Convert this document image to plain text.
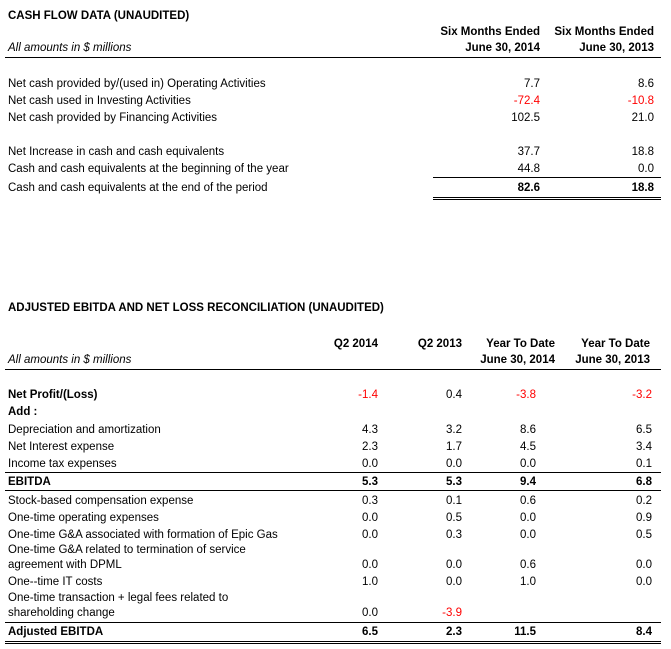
CASH FLOW DATA (UNAUDITED)
Six Months Ended
June 30, 2014
Six Months Ended
June 30, 2013
All amounts in $ millions
Net cash provided by/(used in) Operating Activities	7.7	8.6
Net cash used in Investing Activities	-72.4	-10.8
Net cash provided by Financing Activities	102.5	21.0
Net Increase in cash and cash equivalents	37.7	18.8
Cash and cash equivalents at the beginning of the year	44.8	0.0
Cash and cash equivalents at the end of the period	82.6	18.8
ADJUSTED EBITDA AND NET LOSS RECONCILIATION (UNAUDITED)
Q2 2014	Q2 2013	Year To Date
June 30, 2014
Year To Date
June 30, 2013
All amounts in $ millions
Net Profit/(Loss)	-1.4	0.4	-3.8	-3.2
Add :
Depreciation and amortization	4.3	3.2	8.6	6.5
Net Interest expense	2.3	1.7	4.5	3.4
Income tax expenses	0.0	0.0	0.0	0.1
EBITDA	5.3	5.3	9.4	6.8
Stock-based compensation expense	0.3	0.1	0.6	0.2
One-time operating expenses	0.0	0.5	0.0	0.9
One-time G&A associated with formation of Epic Gas	0.0	0.3	0.0	0.5
One-time G&A related to termination of service
agreement with DPML	0.0	0.0	0.6	0.0
One--time IT costs	1.0	0.0	1.0	0.0
One-time transaction + legal fees related to
shareholding change	0.0	-3.9
Adjusted EBITDA	6.5	2.3	11.5	8.4
